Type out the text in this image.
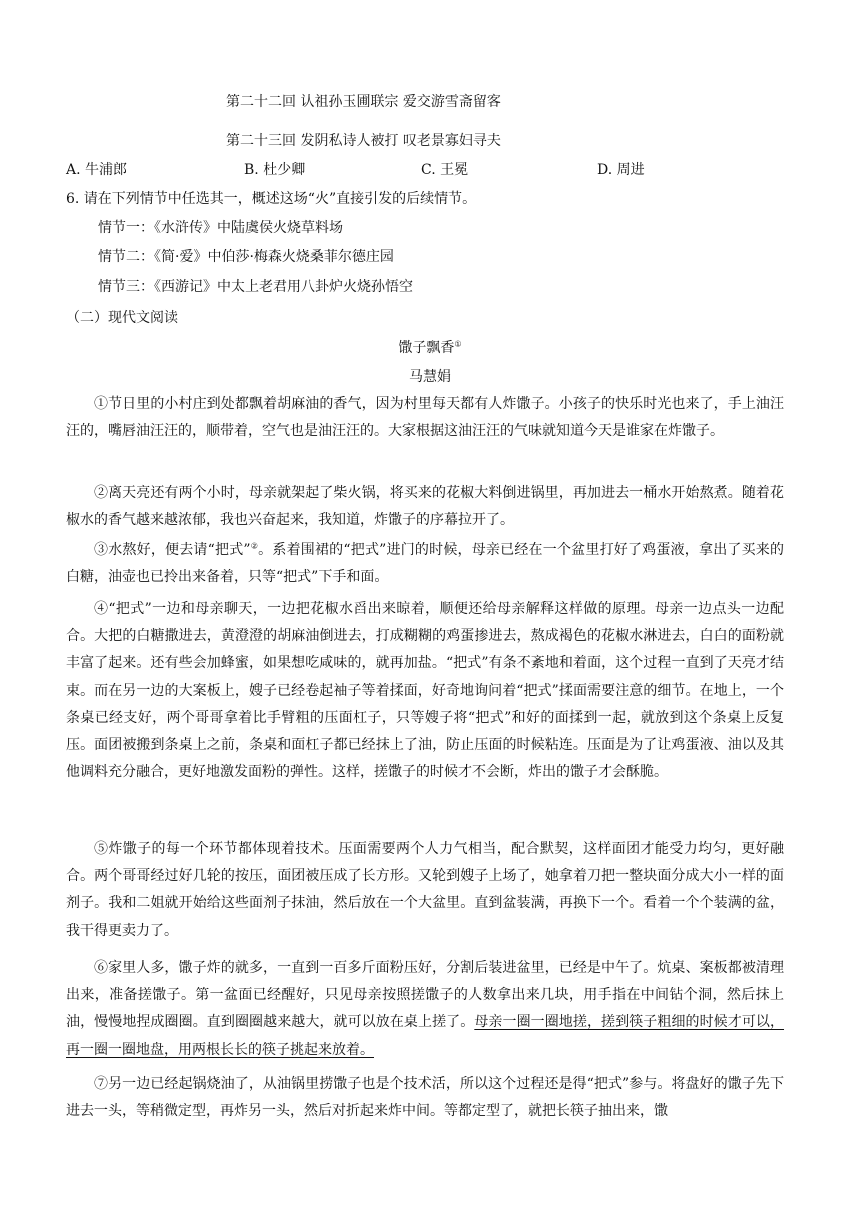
第二十二回 认祖孙玉圃联宗 爱交游雪斋留客
第二十三回 发阴私诗人被打 叹老景寡妇寻夫
A. 牛浦郎	B. 杜少卿	C. 王冕	D. 周进
6. 请在下列情节中任选其一，概述这场“火”直接引发的后续情节。
情节一：《水浒传》中陆虞侯火烧草料场
情节二：《简·爱》中伯莎·梅森火烧桑菲尔德庄园
情节三：《西游记》中太上老君用八卦炉火烧孙悟空
（二）现代文阅读
馓子飘香①
马慧娟

①节日里的小村庄到处都飘着胡麻油的香气，因为村里每天都有人炸馓子。小孩子的快乐时光也来了，手上油汪汪的，嘴唇油汪汪的，顺带着，空气也是油汪汪的。大家根据这油汪汪的气味就知道今天是谁家在炸馓子。

②离天亮还有两个小时，母亲就架起了柴火锅，将买来的花椒大料倒进锅里，再加进去一桶水开始熬煮。随着花椒水的香气越来越浓郁，我也兴奋起来，我知道，炸馓子的序幕拉开了。

③水熬好，便去请“把式”②。系着围裙的“把式”进门的时候，母亲已经在一个盆里打好了鸡蛋液，拿出了买来的白糖，油壶也已拎出来备着，只等“把式”下手和面。

④“把式”一边和母亲聊天，一边把花椒水舀出来晾着，顺便还给母亲解释这样做的原理。母亲一边点头一边配合。大把的白糖撒进去，黄澄澄的胡麻油倒进去，打成糊糊的鸡蛋掺进去，熬成褐色的花椒水淋进去，白白的面粉就丰富了起来。还有些会加蜂蜜，如果想吃咸味的，就再加盐。“把式”有条不紊地和着面，这个过程一直到了天亮才结束。而在另一边的大案板上，嫂子已经卷起袖子等着揉面，好奇地询问着“把式”揉面需要注意的细节。在地上，一个条桌已经支好，两个哥哥拿着比手臂粗的压面杠子，只等嫂子将“把式”和好的面揉到一起，就放到这个条桌上反复压。面团被搬到条桌上之前，条桌和面杠子都已经抹上了油，防止压面的时候粘连。压面是为了让鸡蛋液、油以及其他调料充分融合，更好地激发面粉的弹性。这样，搓馓子的时候才不会断，炸出的馓子才会酥脆。

⑤炸馓子的每一个环节都体现着技术。压面需要两个人力气相当，配合默契，这样面团才能受力均匀，更好融合。两个哥哥经过好几轮的按压，面团被压成了长方形。又轮到嫂子上场了，她拿着刀把一整块面分成大小一样的面剂子。我和二姐就开始给这些面剂子抹油，然后放在一个大盆里。直到盆装满，再换下一个。看着一个个装满的盆，我干得更卖力了。

⑥家里人多，馓子炸的就多，一直到一百多斤面粉压好，分割后装进盆里，已经是中午了。炕桌、案板都被清理出来，准备搓馓子。第一盆面已经醒好，只见母亲按照搓馓子的人数拿出来几块，用手指在中间钻个洞，然后抹上油，慢慢地捏成圈圈。直到圈圈越来越大，就可以放在桌上搓了。母亲一圈一圈地搓，搓到筷子粗细的时候才可以，再一圈一圈地盘，用两根长长的筷子挑起来放着。

⑦另一边已经起锅烧油了，从油锅里捞馓子也是个技术活，所以这个过程还是得“把式”参与。将盘好的馓子先下进去一头，等稍微定型，再炸另一头，然后对折起来炸中间。等都定型了，就把长筷子抽出来，馓
